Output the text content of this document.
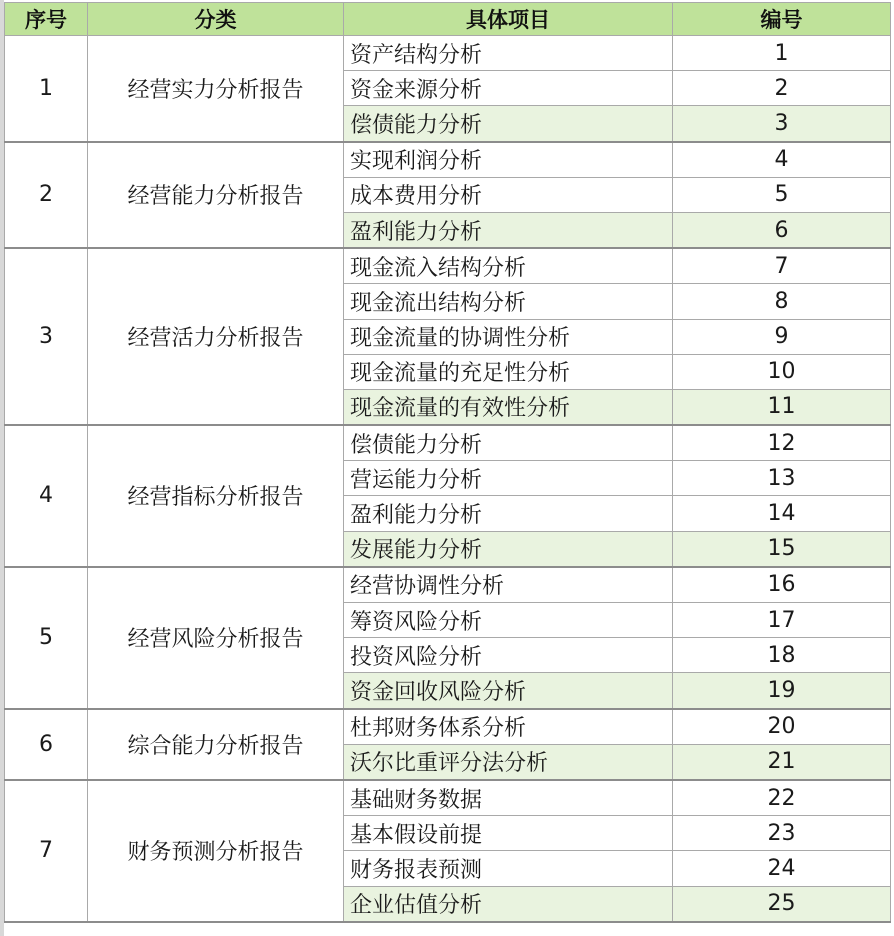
序号	分类	具体项目	编号
1	经营实力分析报告	资产结构分析	1
		资金来源分析	2
		偿债能力分析	3
2	经营能力分析报告	实现利润分析	4
		成本费用分析	5
		盈利能力分析	6
3	经营活力分析报告	现金流入结构分析	7
		现金流出结构分析	8
		现金流量的协调性分析	9
		现金流量的充足性分析	10
		现金流量的有效性分析	11
4	经营指标分析报告	偿债能力分析	12
		营运能力分析	13
		盈利能力分析	14
		发展能力分析	15
5	经营风险分析报告	经营协调性分析	16
		筹资风险分析	17
		投资风险分析	18
		资金回收风险分析	19
6	综合能力分析报告	杜邦财务体系分析	20
		沃尔比重评分法分析	21
7	财务预测分析报告	基础财务数据	22
		基本假设前提	23
		财务报表预测	24
		企业估值分析	25
